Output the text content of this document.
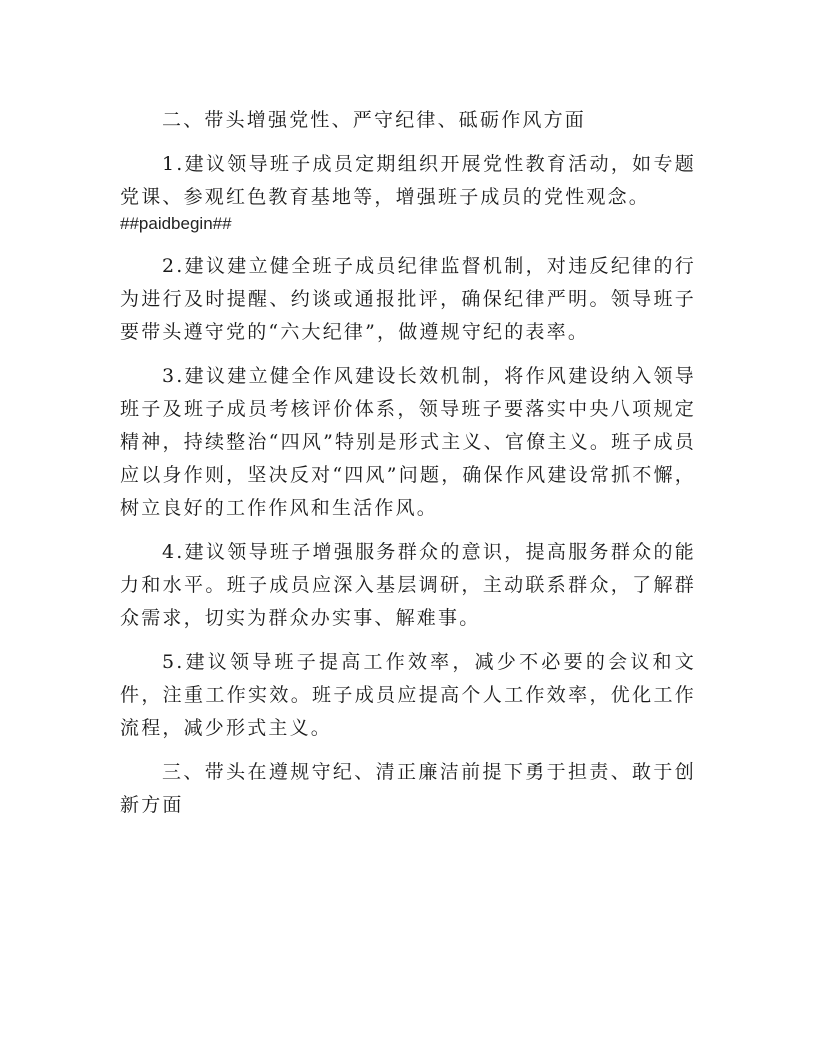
二、带头增强党性、严守纪律、砥砺作风方面

1.建议领导班子成员定期组织开展党性教育活动，如专题党课、参观红色教育基地等，增强班子成员的党性观念。

##paidbegin##

2.建议建立健全班子成员纪律监督机制，对违反纪律的行为进行及时提醒、约谈或通报批评，确保纪律严明。领导班子要带头遵守党的“六大纪律”，做遵规守纪的表率。

3.建议建立健全作风建设长效机制，将作风建设纳入领导班子及班子成员考核评价体系，领导班子要落实中央八项规定精神，持续整治“四风”特别是形式主义、官僚主义。班子成员应以身作则，坚决反对“四风”问题，确保作风建设常抓不懈，树立良好的工作作风和生活作风。

4.建议领导班子增强服务群众的意识，提高服务群众的能力和水平。班子成员应深入基层调研，主动联系群众，了解群众需求，切实为群众办实事、解难事。

5.建议领导班子提高工作效率，减少不必要的会议和文件，注重工作实效。班子成员应提高个人工作效率，优化工作流程，减少形式主义。

三、带头在遵规守纪、清正廉洁前提下勇于担责、敢于创新方面
